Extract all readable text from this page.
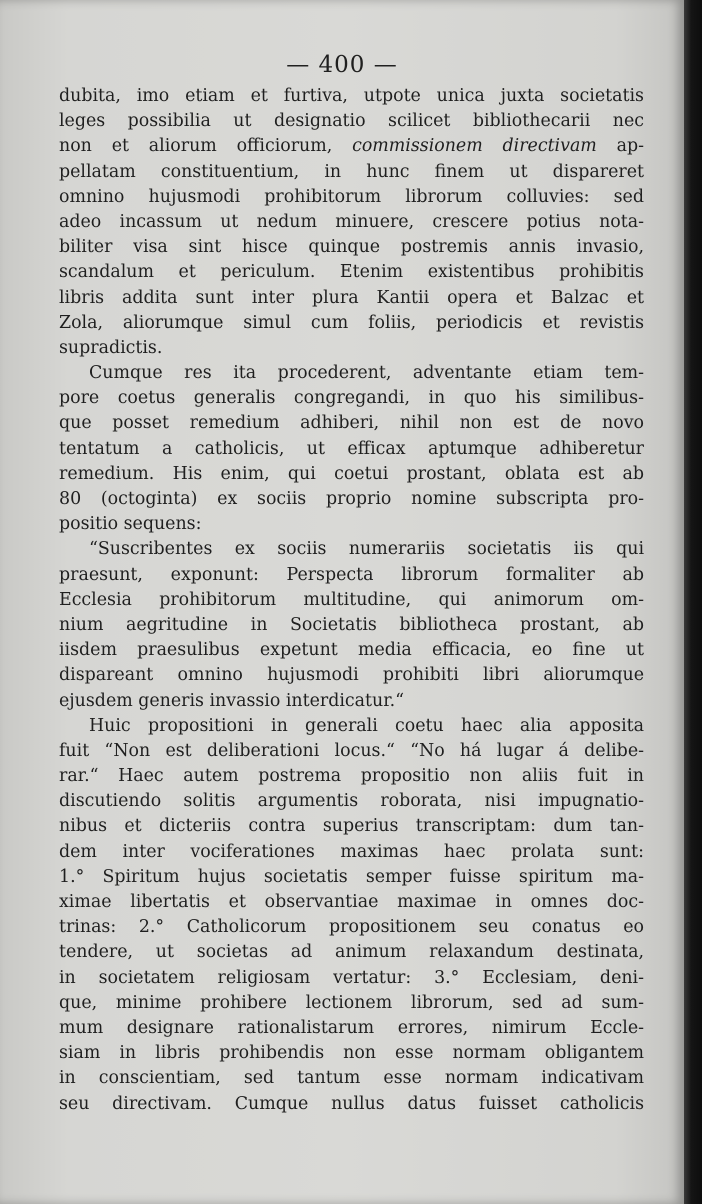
— 400 —
dubita, imo etiam et furtiva, utpote unica juxta societatis
leges possibilia ut designatio scilicet bibliothecarii nec
non et aliorum officiorum, commissionem directivam ap-
pellatam constituentium, in hunc finem ut dispareret
omnino hujusmodi prohibitorum librorum colluvies: sed
adeo incassum ut nedum minuere, crescere potius nota-
biliter visa sint hisce quinque postremis annis invasio,
scandalum et periculum. Etenim existentibus prohibitis
libris addita sunt inter plura Kantii opera et Balzac et
Zola, aliorumque simul cum foliis, periodicis et revistis
supradictis.
Cumque res ita procederent, adventante etiam tem-
pore coetus generalis congregandi, in quo his similibus-
que posset remedium adhiberi, nihil non est de novo
tentatum a catholicis, ut efficax aptumque adhiberetur
remedium. His enim, qui coetui prostant, oblata est ab
80 (octoginta) ex sociis proprio nomine subscripta pro-
positio sequens:
“Suscribentes ex sociis numerariis societatis iis qui
praesunt, exponunt: Perspecta librorum formaliter ab
Ecclesia prohibitorum multitudine, qui animorum om-
nium aegritudine in Societatis bibliotheca prostant, ab
iisdem praesulibus expetunt media efficacia, eo fine ut
dispareant omnino hujusmodi prohibiti libri aliorumque
ejusdem generis invassio interdicatur.“
Huic propositioni in generali coetu haec alia apposita
fuit “Non est deliberationi locus.“ “No há lugar á delibe-
rar.“ Haec autem postrema propositio non aliis fuit in
discutiendo solitis argumentis roborata, nisi impugnatio-
nibus et dicteriis contra superius transcriptam: dum tan-
dem inter vociferationes maximas haec prolata sunt:
1.° Spiritum hujus societatis semper fuisse spiritum ma-
ximae libertatis et observantiae maximae in omnes doc-
trinas: 2.° Catholicorum propositionem seu conatus eo
tendere, ut societas ad animum relaxandum destinata,
in societatem religiosam vertatur: 3.° Ecclesiam, deni-
que, minime prohibere lectionem librorum, sed ad sum-
mum designare rationalistarum errores, nimirum Eccle-
siam in libris prohibendis non esse normam obligantem
in conscientiam, sed tantum esse normam indicativam
seu directivam. Cumque nullus datus fuisset catholicis
